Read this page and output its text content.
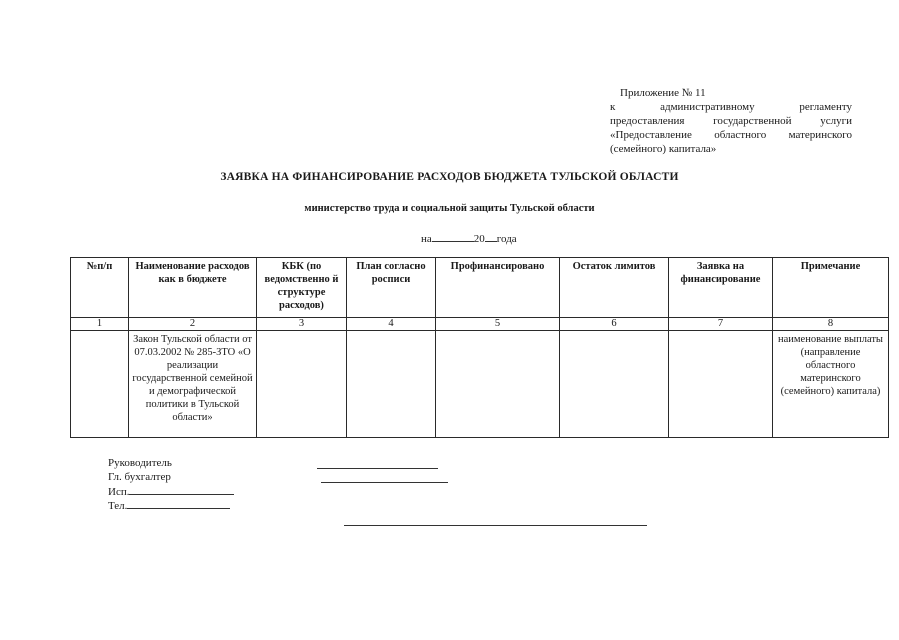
Приложение № 11
к административному регламенту
предоставления государственной услуги
«Предоставление областного материнского
(семейного) капитала»
ЗАЯВКА НА ФИНАНСИРОВАНИЕ РАСХОДОВ БЮДЖЕТА ТУЛЬСКОЙ ОБЛАСТИ
министерство труда и социальной защиты Тульской области
на	20 года
№п/п	Наименование расходов как в бюджете	КБК (по ведомственно й структуре расходов)	План согласно росписи	Профинансировано	Остаток лимитов	Заявка на финансирование	Примечание
1	2	3	4	5	6	7	8
	Закон Тульской области от 07.03.2002 № 285-ЗТО «О реализации государственной семейной и демографической политики в Тульской области»						наименование выплаты (направление областного материнского (семейного) капитала)
Руководитель
Гл. бухгалтер
Исп.
Тел.
